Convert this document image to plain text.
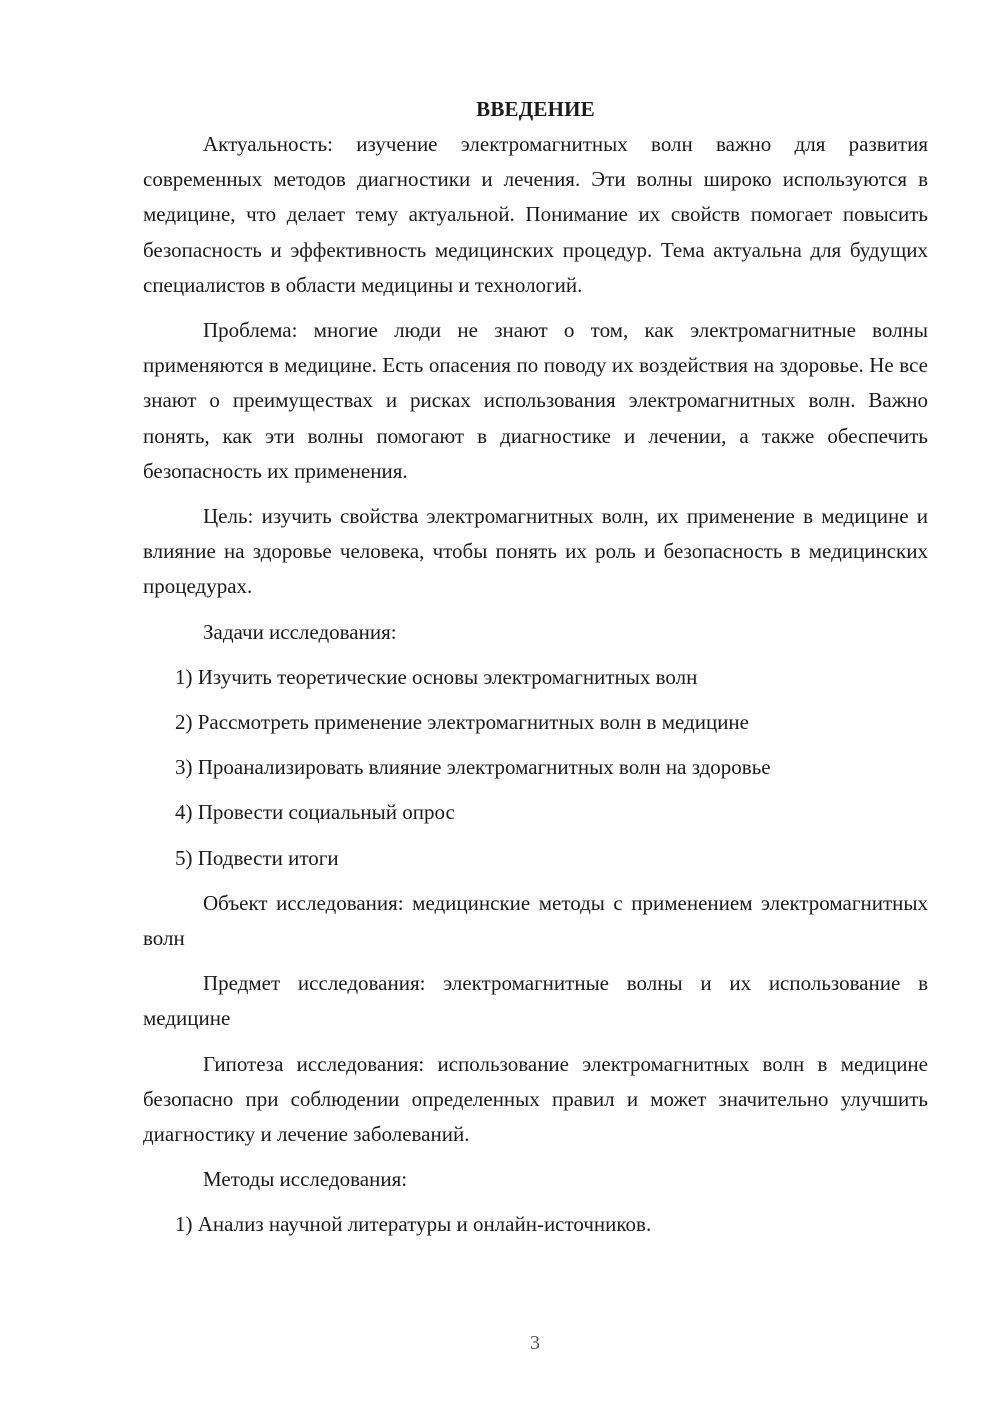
ВВЕДЕНИЕ

Актуальность: изучение электромагнитных волн важно для развития современных методов диагностики и лечения. Эти волны широко используются в медицине, что делает тему актуальной. Понимание их свойств помогает повысить безопасность и эффективность медицинских процедур. Тема актуальна для будущих специалистов в области медицины и технологий.

Проблема: многие люди не знают о том, как электромагнитные волны применяются в медицине. Есть опасения по поводу их воздействия на здоровье. Не все знают о преимуществах и рисках использования электромагнитных волн. Важно понять, как эти волны помогают в диагностике и лечении, а также обеспечить безопасность их применения.

Цель: изучить свойства электромагнитных волн, их применение в медицине и влияние на здоровье человека, чтобы понять их роль и безопасность в медицинских процедурах.

Задачи исследования:

1) Изучить теоретические основы электромагнитных волн
2) Рассмотреть применение электромагнитных волн в медицине
3) Проанализировать влияние электромагнитных волн на здоровье
4) Провести социальный опрос
5) Подвести итоги

Объект исследования: медицинские методы с применением электромагнитных волн

Предмет исследования: электромагнитные волны и их использование в медицине

Гипотеза исследования: использование электромагнитных волн в медицине безопасно при соблюдении определенных правил и может значительно улучшить диагностику и лечение заболеваний.

Методы исследования:

1) Анализ научной литературы и онлайн-источников.
3
